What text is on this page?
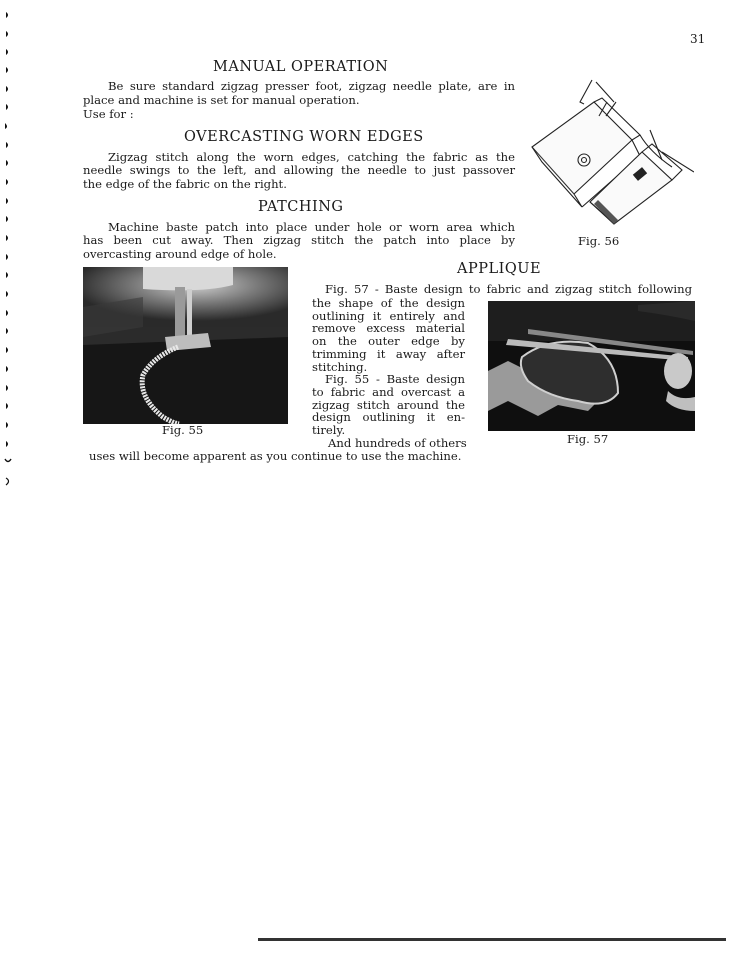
31
MANUAL OPERATION
Be sure standard zigzag presser foot, zigzag needle plate, are in
place and machine is set for manual operation.
Use for :
OVERCASTING WORN EDGES
Zigzag stitch along the worn edges, catching the fabric as the
needle swings to the left, and allowing the needle to just passover
the edge of the fabric on the right.
PATCHING
Machine baste patch into place under hole or worn area which
has been cut away. Then zigzag stitch the patch into place by
overcasting around edge of hole.
Fig. 56
APPLIQUE
Fig. 55
Fig. 57 - Baste design to fabric and zigzag stitch following
the shape of the design
outlining it entirely and
remove excess material
on the outer edge by
trimming it away after
stitching.
Fig. 55 - Baste design
to fabric and overcast a
zigzag stitch around the
design outlining it en-
tirely.
And hundreds of others
uses will become apparent as you continue to use the machine.
Fig. 57
